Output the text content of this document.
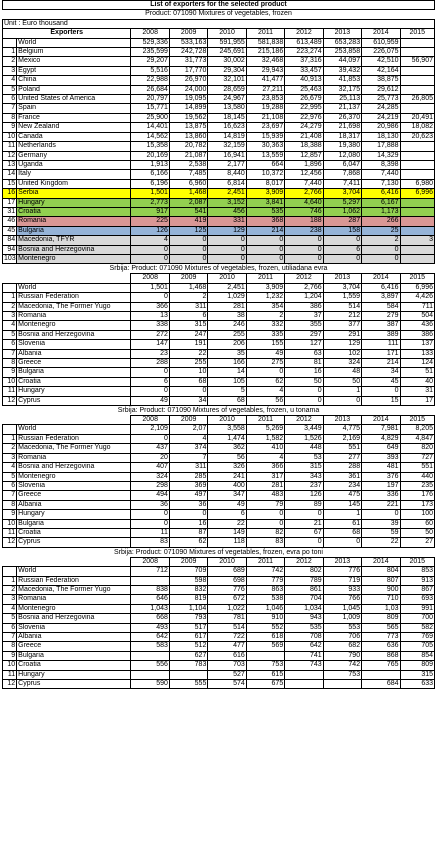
List of exporters for the selected product									
Product: 071090 Mixtures of vegetables, frozen									
Unit : Euro thousand									
Exporters		2008	2009	2010	2011	2012	2013	2014	2015
	World	529,336	533,163	591,955	581,838	613,489	653,283	610,959	
1	Belgium	235,599	242,728	245,691	215,186	223,274	253,858	226,075	
2	Mexico	29,207	31,773	30,002	32,468	37,316	44,097	42,510	56,907
3	Egypt	5,516	17,770	29,304	29,943	33,457	39,432	42,164	
4	China	22,988	26,970	32,101	41,477	40,913	41,853	38,875	
5	Poland	26,684	24,000	28,659	27,211	25,463	32,175	29,612	
6	United States of America	20,797	19,095	24,967	23,853	26,679	25,113	25,773	26,805
7	Spain	15,771	14,899	13,580	19,288	22,995	21,137	24,285	
8	France	25,900	19,562	18,145	21,108	22,976	26,370	24,219	20,491
9	New Zealand	14,401	13,875	16,623	23,697	24,279	21,698	20,986	18,082
10	Canada	14,562	13,860	14,819	15,939	21,408	18,317	18,130	20,623
11	Netherlands	15,358	20,782	32,159	30,363	18,388	19,380	17,888	
12	Germany	20,169	21,087	16,941	13,559	12,857	12,080	14,329	
13	Uganda	1,913	2,538	2,177	664	1,896	6,047	8,398	
14	Italy	6,166	7,485	8,440	10,372	12,456	7,868	7,440	
15	United Kingdom	6,196	6,960	6,814	8,017	7,440	7,411	7,130	6,980
16	Serbia	1,501	1,468	2,451	3,909	2,766	3,704	6,416	6,996
17	Hungary	2,773	2,087	3,152	3,841	4,640	5,297	6,167	
31	Croatia	917	541	456	535	746	1,062	1,173	
46	Romania	225	419	331	368	188	287	266	
45	Bulgaria	126	125	129	214	238	158	25	
84	Macedonia, TFYR	4	0	0	0	0	0	2	3
94	Bosnia and Herzegovina	0	0	0	0	0	6	0	
103	Montenegro	0	0	0	0	0	0	0	
Srbija: Product: 071090 Mixtures of vegetables, frozen, utiliadana evra
		2008	2009	2010	2011	2012	2013	2014	2015
	World	1,501	1,468	2,451	3,909	2,766	3,704	6,416	6,996
1	Russian Federation	0	2	1,029	1,232	1,204	1,559	3,897	4,426
2	Macedonia, The Former Yugo	366	311	281	354	386	514	584	711
3	Romania	13	6	38	2	37	212	279	504
4	Montenegro	338	315	246	332	355	377	387	436
5	Bosnia and Herzegovina	272	247	255	335	297	291	389	386
6	Slovenia	147	191	206	155	127	129	111	137
7	Albania	23	22	35	49	63	102	171	133
8	Greece	288	255	166	275	81	324	214	124
9	Bulgaria	0	10	14	0	16	48	34	51
10	Croatia	6	68	105	62	50	50	45	40
11	Hungary	0	0	5	4	0	1	0	31
12	Cyprus	49	34	68	56	0	0	15	17
Srbija: Product: 071090 Mixtures of vegetables, frozen, u tonama
		2008	2009	2010	2011	2012	2013	2014	2015
	World	2,109	2,07	3,558	5,269	3,449	4,775	7,981	8,205
1	Russian Federation	0	4	1,474	1,582	1,526	2,169	4,829	4,847
2	Macedonia, The Former Yugo	437	374	362	410	448	551	649	820
3	Romania	20	7	56	4	53	277	393	727
4	Bosnia and Herzegovina	407	311	326	366	315	288	481	551
5	Montenegro	324	285	241	317	343	361	376	440
6	Slovenia	298	369	400	281	237	234	197	235
7	Greece	494	497	347	483	126	475	336	176
8	Albania	36	36	49	79	89	145	221	173
9	Hungary	0	0	6	0	0	1	0	100
10	Bulgaria	0	16	22	0	21	61	39	60
11	Croatia	11	87	149	82	67	68	59	50
12	Cyprus	83	62	118	83	0	0	22	27
Srbija: Product: 071090 Mixtures of vegetables, frozen, evra po toni
		2008	2009	2010	2011	2012	2013	2014	2015
	World	712	709	689	742	802	776	804	853
1	Russian Federation		598	698	779	789	719	807	913
2	Macedonia, The Former Yugo	838	832	776	863	861	933	900	867
3	Romania	646	819	672	538	704	766	710	693
4	Montenegro	1,043	1,104	1,022	1,046	1,034	1,045	1,03	991
5	Bosnia and Herzegovina	668	793	781	910	943	1,009	809	700
6	Slovenia	493	517	514	552	535	553	565	582
7	Albania	642	617	722	618	708	706	773	769
8	Greece	583	512	477	569	642	682	636	705
9	Bulgaria		627	616		741	790	868	854
10	Croatia	556	783	703	753	743	742	765	809
11	Hungary			527	615		753		315
12	Cyprus	590	555	574	675			684	633
